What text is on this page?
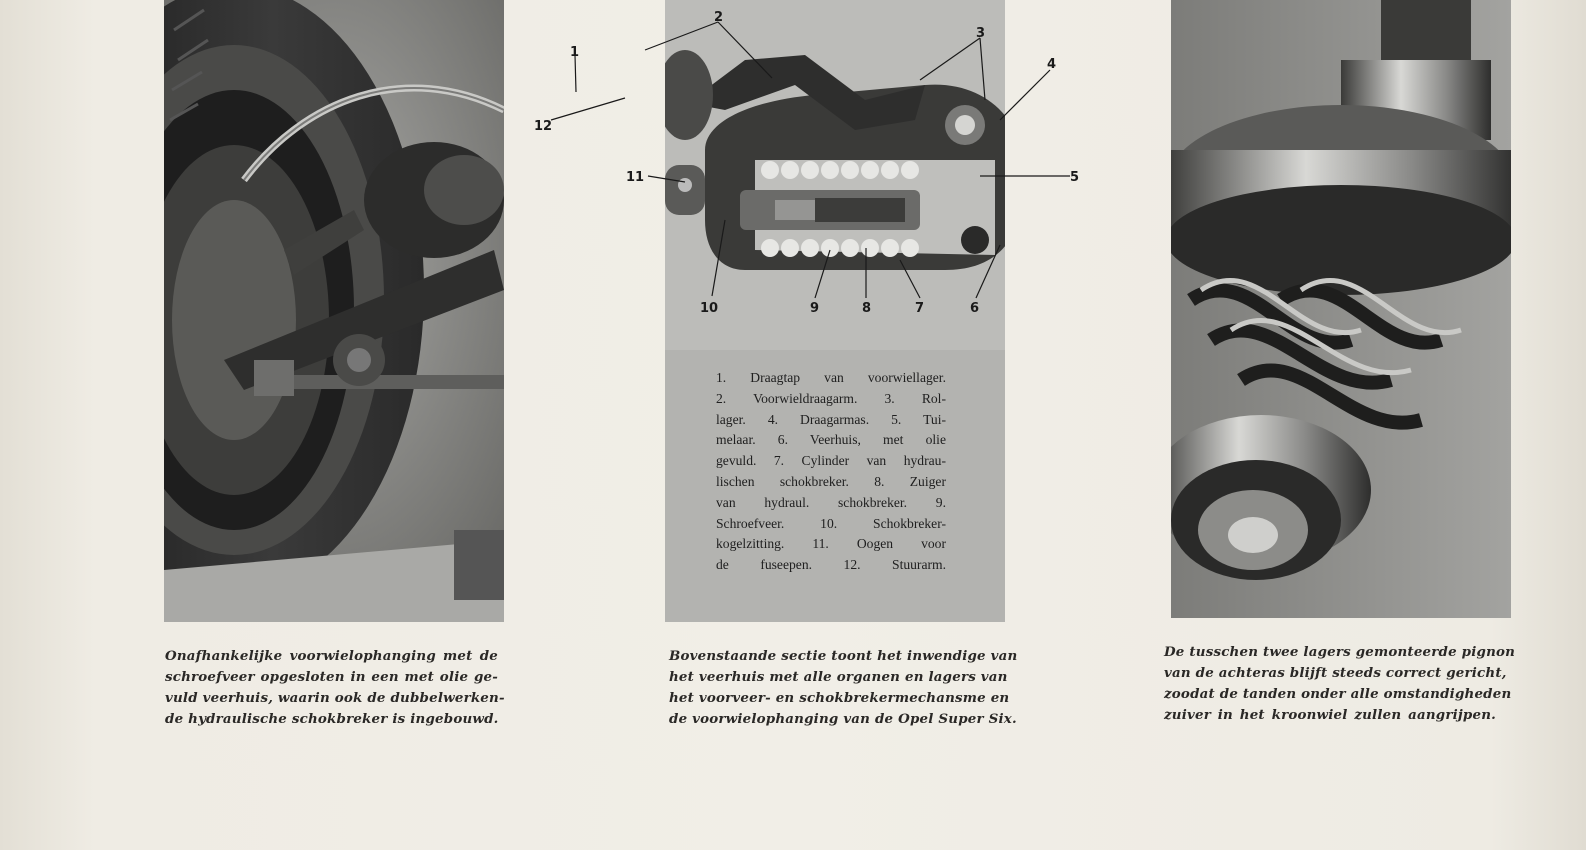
1
2
3
4
5
6
7
8
9
10
11
12
1. Draagtap van voorwiellager.
2. Voorwieldraagarm. 3. Rol-
lager. 4. Draagarmas. 5. Tui-
melaar. 6. Veerhuis, met olie
gevuld. 7. Cylinder van hydrau-
lischen schokbreker. 8. Zuiger
van hydraul. schokbreker. 9.
Schroefveer. 10. Schokbreker-
kogelzitting. 11. Oogen voor
de fuseepen. 12. Stuurarm.
Onafhankelijke voorwielophanging met de
schroefveer opgesloten in een met olie ge-
vuld veerhuis, waarin ook de dubbelwerken-
de hydraulische schokbreker is ingebouwd.
Bovenstaande sectie toont het inwendige van
het veerhuis met alle organen en lagers van
het voorveer- en schokbrekermechansme en
de voorwielophanging van de Opel Super Six.
De tusschen twee lagers gemonteerde pignon
van de achteras blijft steeds correct gericht,
zoodat de tanden onder alle omstandigheden
zuiver in het kroonwiel zullen aangrijpen.
